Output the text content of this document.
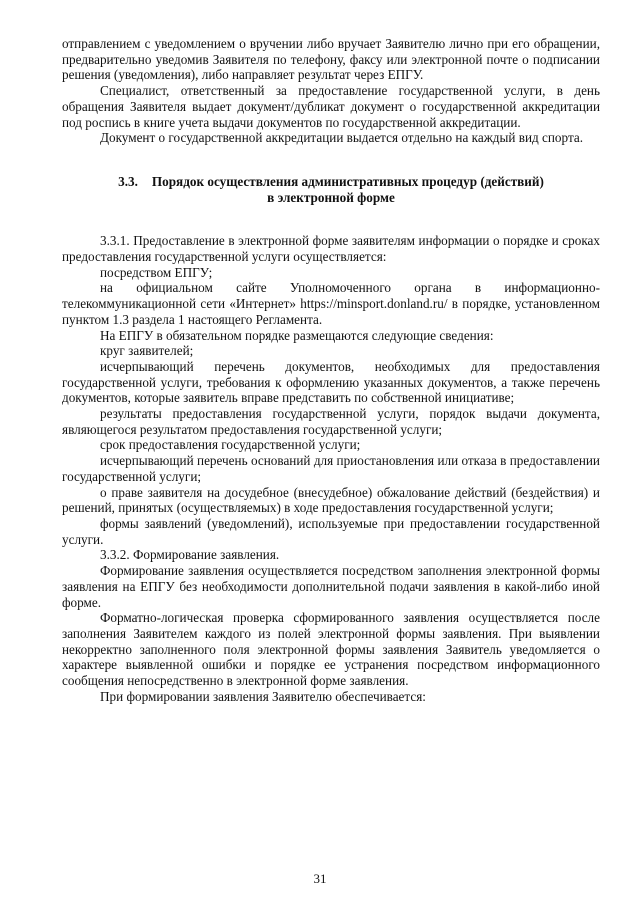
отправлением с уведомлением о вручении либо вручает Заявителю лично при его обращении, предварительно уведомив Заявителя по телефону, факсу или электронной почте о подписании решения (уведомления), либо направляет результат через ЕПГУ.

Специалист, ответственный за предоставление государственной услуги, в день обращения Заявителя выдает документ/дубликат документ о государственной аккредитации под роспись в книге учета выдачи документов по государственной аккредитации.

Документ о государственной аккредитации выдается отдельно на каждый вид спорта.

3.3. Порядок осуществления административных процедур (действий)
в электронной форме

3.3.1. Предоставление в электронной форме заявителям информации о порядке и сроках предоставления государственной услуги осуществляется:

посредством ЕПГУ;

на официальном сайте Уполномоченного органа в информационно-телекоммуникационной сети «Интернет» https://minsport.donland.ru/ в порядке, установленном пунктом 1.3 раздела 1 настоящего Регламента.

На ЕПГУ в обязательном порядке размещаются следующие сведения:

круг заявителей;

исчерпывающий перечень документов, необходимых для предоставления государственной услуги, требования к оформлению указанных документов, а также перечень документов, которые заявитель вправе представить по собственной инициативе;

результаты предоставления государственной услуги, порядок выдачи документа, являющегося результатом предоставления государственной услуги;

срок предоставления государственной услуги;

исчерпывающий перечень оснований для приостановления или отказа в предоставлении государственной услуги;

о праве заявителя на досудебное (внесудебное) обжалование действий (бездействия) и решений, принятых (осуществляемых) в ходе предоставления государственной услуги;

формы заявлений (уведомлений), используемые при предоставлении государственной услуги.

3.3.2. Формирование заявления.

Формирование заявления осуществляется посредством заполнения электронной формы заявления на ЕПГУ без необходимости дополнительной подачи заявления в какой-либо иной форме.

Форматно-логическая проверка сформированного заявления осуществляется после заполнения Заявителем каждого из полей электронной формы заявления. При выявлении некорректно заполненного поля электронной формы заявления Заявитель уведомляется о характере выявленной ошибки и порядке ее устранения посредством информационного сообщения непосредственно в электронной форме заявления.

При формировании заявления Заявителю обеспечивается:

31
